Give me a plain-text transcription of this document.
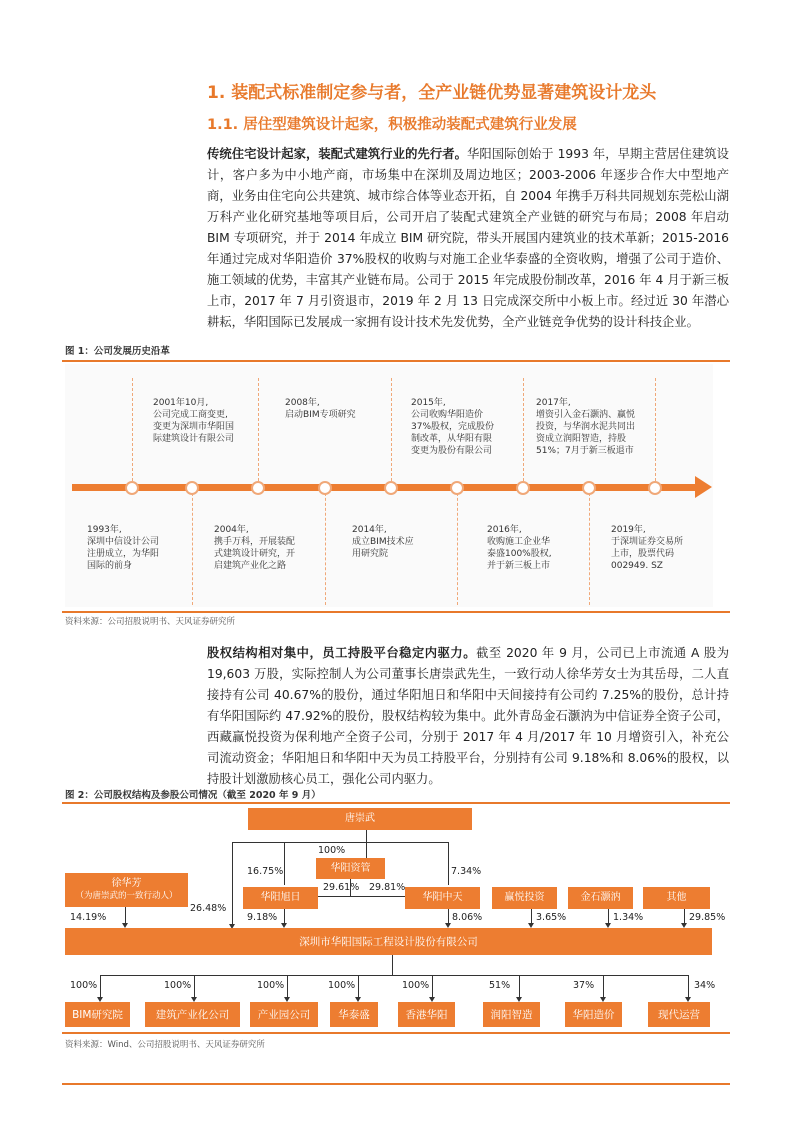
1. 装配式标准制定参与者，全产业链优势显著建筑设计龙头
1.1. 居住型建筑设计起家，积极推动装配式建筑行业发展
传统住宅设计起家，装配式建筑行业的先行者。华阳国际创始于 1993 年，早期主营居住建筑设计，客户多为中小地产商，市场集中在深圳及周边地区；2003-2006 年逐步合作大中型地产商，业务由住宅向公共建筑、城市综合体等业态开拓，自 2004 年携手万科共同规划东莞松山湖万科产业化研究基地等项目后，公司开启了装配式建筑全产业链的研究与布局；2008 年启动 BIM 专项研究，并于 2014 年成立 BIM 研究院，带头开展国内建筑业的技术革新；2015-2016 年通过完成对华阳造价 37%股权的收购与对施工企业华泰盛的全资收购，增强了公司于造价、施工领域的优势，丰富其产业链布局。公司于 2015 年完成股份制改革，2016 年 4 月于新三板上市，2017 年 7 月引资退市，2019 年 2 月 13 日完成深交所中小板上市。经过近 30 年潜心耕耘，华阳国际已发展成一家拥有设计技术先发优势，全产业链竞争优势的设计科技企业。
图 1：公司发展历史沿革
2001年10月,
公司完成工商变更,
变更为深圳市华阳国
际建筑设计有限公司
2008年,
启动BIM专项研究
2015年,
公司收购华阳造价
37%股权，完成股份
制改革，从华阳有限
变更为股份有限公司
2017年,
增资引入金石灏汭、赢悦
投资，与华润水泥共同出
资成立润阳智造，持股
51%；7月于新三板退市
1993年,
深圳中信设计公司
注册成立，为华阳
国际的前身
2004年,
携手万科，开展装配
式建筑设计研究，开
启建筑产业化之路
2014年,
成立BIM技术应
用研究院
2016年,
收购施工企业华
泰盛100%股权,
并于新三板上市
2019年,
于深圳证券交易所
上市，股票代码
002949. SZ
资料来源：公司招股说明书、天风证券研究所
股权结构相对集中，员工持股平台稳定内驱力。截至 2020 年 9 月，公司已上市流通 A 股为 19,603 万股，实际控制人为公司董事长唐崇武先生，一致行动人徐华芳女士为其岳母，二人直接持有公司 40.67%的股份，通过华阳旭日和华阳中天间接持有公司约 7.25%的股份，总计持有华阳国际约 47.92%的股份，股权结构较为集中。此外青岛金石灏汭为中信证券全资子公司，西藏赢悦投资为保利地产全资子公司，分别于 2017 年 4 月/2017 年 10 月增资引入，补充公司流动资金；华阳旭日和华阳中天为员工持股平台，分别持有公司 9.18%和 8.06%的股权，以持股计划激励核心员工，强化公司内驱力。
图 2：公司股权结构及参股公司情况（截至 2020 年 9 月）
唐崇武
100%
华阳资管
16.75%	7.34%
29.61% 29.81%
徐华芳
（为唐崇武的一致行动人）	华阳旭日	华阳中天	赢悦投资	金石灏汭	其他
26.48%
14.19%	9.18%	8.06%	3.65%	1.34%	29.85%
深圳市华阳国际工程设计股份有限公司
100%
BIM研究院
100%
建筑产业化公司
100%
产业园公司
100%
华泰盛
100%
香港华阳
51%
润阳智造
37%
华阳造价
34%
现代运营
资料来源：Wind、公司招股说明书、天风证券研究所
